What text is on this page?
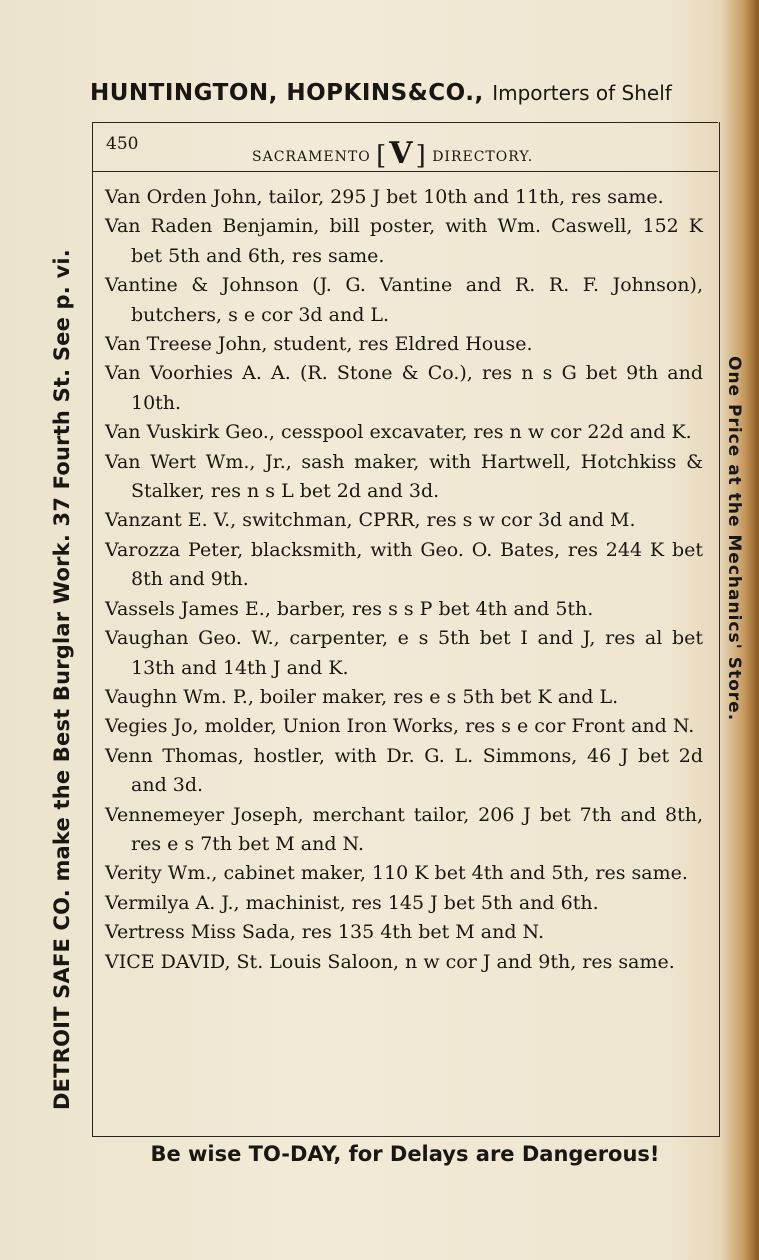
HUNTINGTON, HOPKINS&CO., Importers of Shelf
DETROIT SAFE CO. make the Best Burglar Work. 37 Fourth St. See p. vi.	One Price at the Mechanics' Store.
450
SACRAMENTO [V] DIRECTORY.

Van Orden John, tailor, 295 J bet 10th and 11th, res same.

Van Raden Benjamin, bill poster, with Wm. Caswell, 152 K bet 5th and 6th, res same.

Vantine & Johnson (J. G. Vantine and R. R. F. Johnson), butchers, s e cor 3d and L.

Van Treese John, student, res Eldred House.

Van Voorhies A. A. (R. Stone & Co.), res n s G bet 9th and 10th.

Van Vuskirk Geo., cesspool excavater, res n w cor 22d and K.

Van Wert Wm., Jr., sash maker, with Hartwell, Hotchkiss & Stalker, res n s L bet 2d and 3d.

Vanzant E. V., switchman, CPRR, res s w cor 3d and M.

Varozza Peter, blacksmith, with Geo. O. Bates, res 244 K bet 8th and 9th.

Vassels James E., barber, res s s P bet 4th and 5th.

Vaughan Geo. W., carpenter, e s 5th bet I and J, res al bet 13th and 14th J and K.

Vaughn Wm. P., boiler maker, res e s 5th bet K and L.

Vegies Jo, molder, Union Iron Works, res s e cor Front and N.

Venn Thomas, hostler, with Dr. G. L. Simmons, 46 J bet 2d and 3d.

Vennemeyer Joseph, merchant tailor, 206 J bet 7th and 8th, res e s 7th bet M and N.

Verity Wm., cabinet maker, 110 K bet 4th and 5th, res same.

Vermilya A. J., machinist, res 145 J bet 5th and 6th.

Vertress Miss Sada, res 135 4th bet M and N.

VICE DAVID, St. Louis Saloon, n w cor J and 9th, res same.

Be wise TO-DAY, for Delays are Dangerous!
